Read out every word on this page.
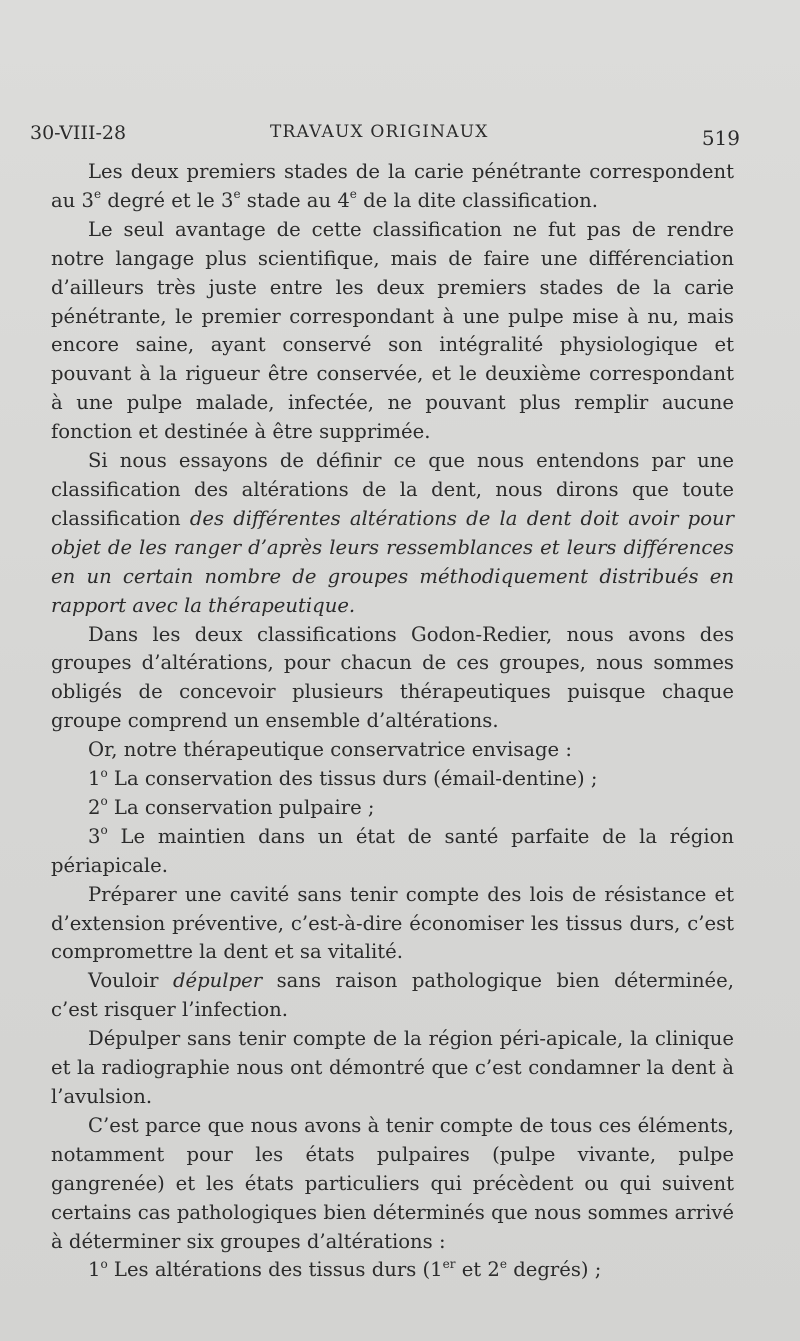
30-VIII-28	TRAVAUX ORIGINAUX	519

Les deux premiers stades de la carie pénétrante correspondent au 3e degré et le 3e stade au 4e de la dite classification.

Le seul avantage de cette classification ne fut pas de rendre notre langage plus scientifique, mais de faire une différenciation d’ailleurs très juste entre les deux premiers stades de la carie pénétrante, le premier correspondant à une pulpe mise à nu, mais encore saine, ayant conservé son intégralité physiologique et pouvant à la rigueur être conservée, et le deuxième correspondant à une pulpe malade, infectée, ne pouvant plus remplir aucune fonction et destinée à être supprimée.

Si nous essayons de définir ce que nous entendons par une classification des altérations de la dent, nous dirons que toute classification des différentes altérations de la dent doit avoir pour objet de les ranger d’après leurs ressemblances et leurs différences en un certain nombre de groupes méthodiquement distribués en rapport avec la thérapeutique.

Dans les deux classifications Godon-Redier, nous avons des groupes d’altérations, pour chacun de ces groupes, nous sommes obligés de concevoir plusieurs thérapeutiques puisque chaque groupe comprend un ensemble d’altérations.

Or, notre thérapeutique conservatrice envisage :

1$^o$ La conservation des tissus durs (émail-dentine) ;

2$^o$ La conservation pulpaire ;

3$^o$ Le maintien dans un état de santé parfaite de la région périapicale.

Préparer une cavité sans tenir compte des lois de résistance et d’extension préventive, c’est-à-dire économiser les tissus durs, c’est compromettre la dent et sa vitalité.

Vouloir dépulper sans raison pathologique bien déterminée, c’est risquer l’infection.

Dépulper sans tenir compte de la région péri-apicale, la clinique et la radiographie nous ont démontré que c’est condamner la dent à l’avulsion.

C’est parce que nous avons à tenir compte de tous ces éléments, notamment pour les états pulpaires (pulpe vivante, pulpe gangrenée) et les états particuliers qui précèdent ou qui suivent certains cas pathologiques bien déterminés que nous sommes arrivé à déterminer six groupes d’altérations :

1$^o$ Les altérations des tissus durs (1er et 2e degrés) ;
